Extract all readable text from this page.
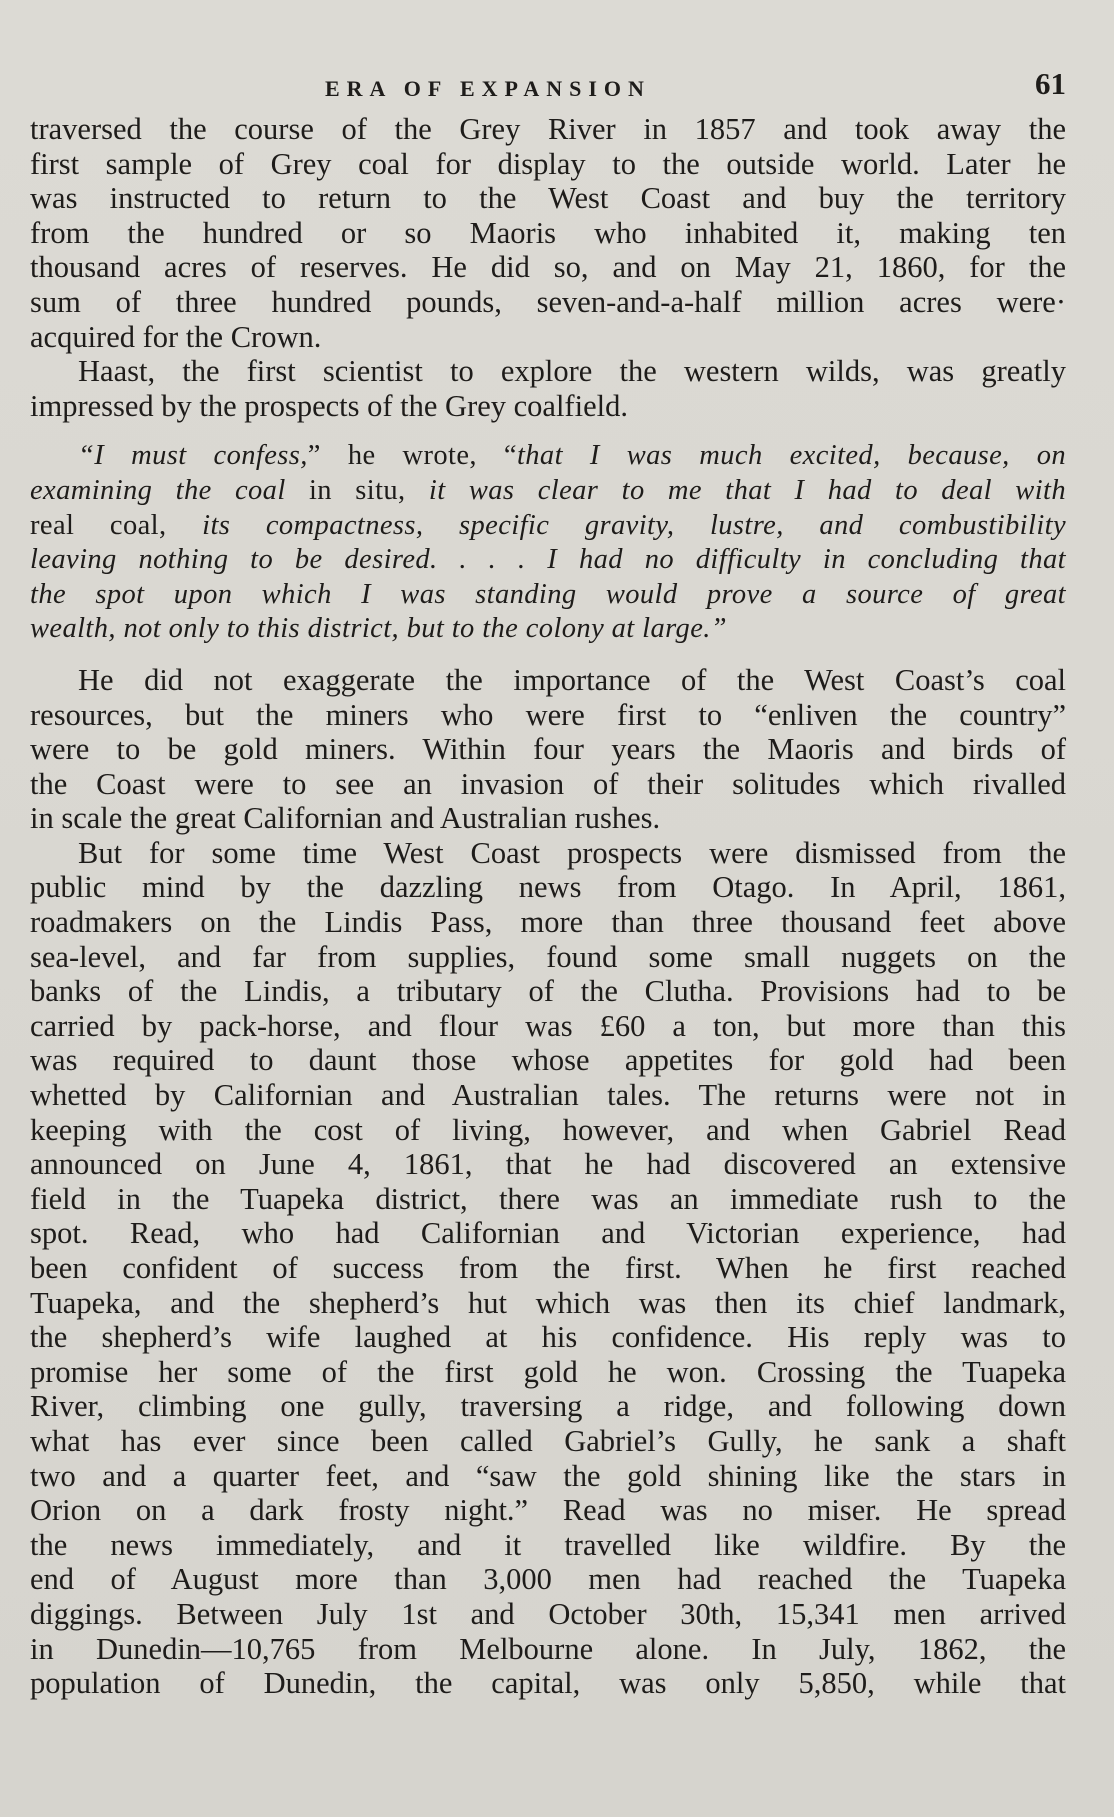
ERA OF EXPANSION	61
traversed the course of the Grey River in 1857 and took away the
first sample of Grey coal for display to the outside world. Later he
was instructed to return to the West Coast and buy the territory
from the hundred or so Maoris who inhabited it, making ten
thousand acres of reserves. He did so, and on May 21, 1860, for the
sum of three hundred pounds, seven-and-a-half million acres were·
acquired for the Crown.
Haast, the first scientist to explore the western wilds, was greatly
impressed by the prospects of the Grey coalfield.
“I must confess,” he wrote, “that I was much excited, because, on
examining the coal in situ, it was clear to me that I had to deal with
real coal, its compactness, specific gravity, lustre, and combustibility
leaving nothing to be desired. . . . I had no difficulty in concluding that
the spot upon which I was standing would prove a source of great
wealth, not only to this district, but to the colony at large.”
He did not exaggerate the importance of the West Coast’s coal
resources, but the miners who were first to “enliven the country”
were to be gold miners. Within four years the Maoris and birds of
the Coast were to see an invasion of their solitudes which rivalled
in scale the great Californian and Australian rushes.
But for some time West Coast prospects were dismissed from the
public mind by the dazzling news from Otago. In April, 1861,
roadmakers on the Lindis Pass, more than three thousand feet above
sea-level, and far from supplies, found some small nuggets on the
banks of the Lindis, a tributary of the Clutha. Provisions had to be
carried by pack-horse, and flour was £60 a ton, but more than this
was required to daunt those whose appetites for gold had been
whetted by Californian and Australian tales. The returns were not in
keeping with the cost of living, however, and when Gabriel Read
announced on June 4, 1861, that he had discovered an extensive
field in the Tuapeka district, there was an immediate rush to the
spot. Read, who had Californian and Victorian experience, had
been confident of success from the first. When he first reached
Tuapeka, and the shepherd’s hut which was then its chief landmark,
the shepherd’s wife laughed at his confidence. His reply was to
promise her some of the first gold he won. Crossing the Tuapeka
River, climbing one gully, traversing a ridge, and following down
what has ever since been called Gabriel’s Gully, he sank a shaft
two and a quarter feet, and “saw the gold shining like the stars in
Orion on a dark frosty night.” Read was no miser. He spread
the news immediately, and it travelled like wildfire. By the
end of August more than 3,000 men had reached the Tuapeka
diggings. Between July 1st and October 30th, 15,341 men arrived
in Dunedin—10,765 from Melbourne alone. In July, 1862, the
population of Dunedin, the capital, was only 5,850, while that
